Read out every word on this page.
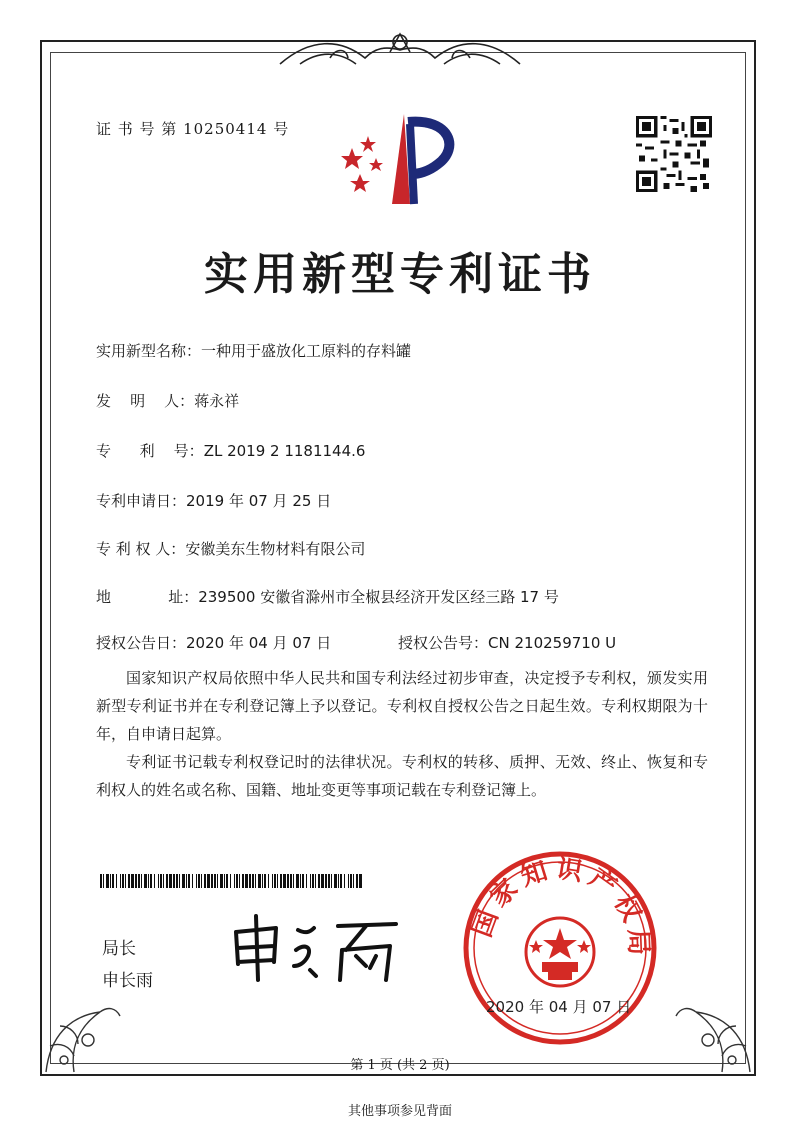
证 书 号 第 10250414 号
实用新型专利证书
实用新型名称：一种用于盛放化工原料的存料罐
发    明    人：蒋永祥
专      利    号：ZL 2019 2 1181144.6
专利申请日：2019 年 07 月 25 日
专 利 权 人：安徽美东生物材料有限公司
地            址：239500 安徽省滁州市全椒县经济开发区经三路 17 号
授权公告日：2020 年 04 月 07 日	授权公告号：CN 210259710 U
国家知识产权局依照中华人民共和国专利法经过初步审查，决定授予专利权，颁发实用新型专利证书并在专利登记簿上予以登记。专利权自授权公告之日起生效。专利权期限为十年，自申请日起算。
专利证书记载专利权登记时的法律状况。专利权的转移、质押、无效、终止、恢复和专利权人的姓名或名称、国籍、地址变更等事项记载在专利登记簿上。
局长
申长雨
国家知识产权局
2020 年 04 月 07 日
第 1 页 (共 2 页)
其他事项参见背面
